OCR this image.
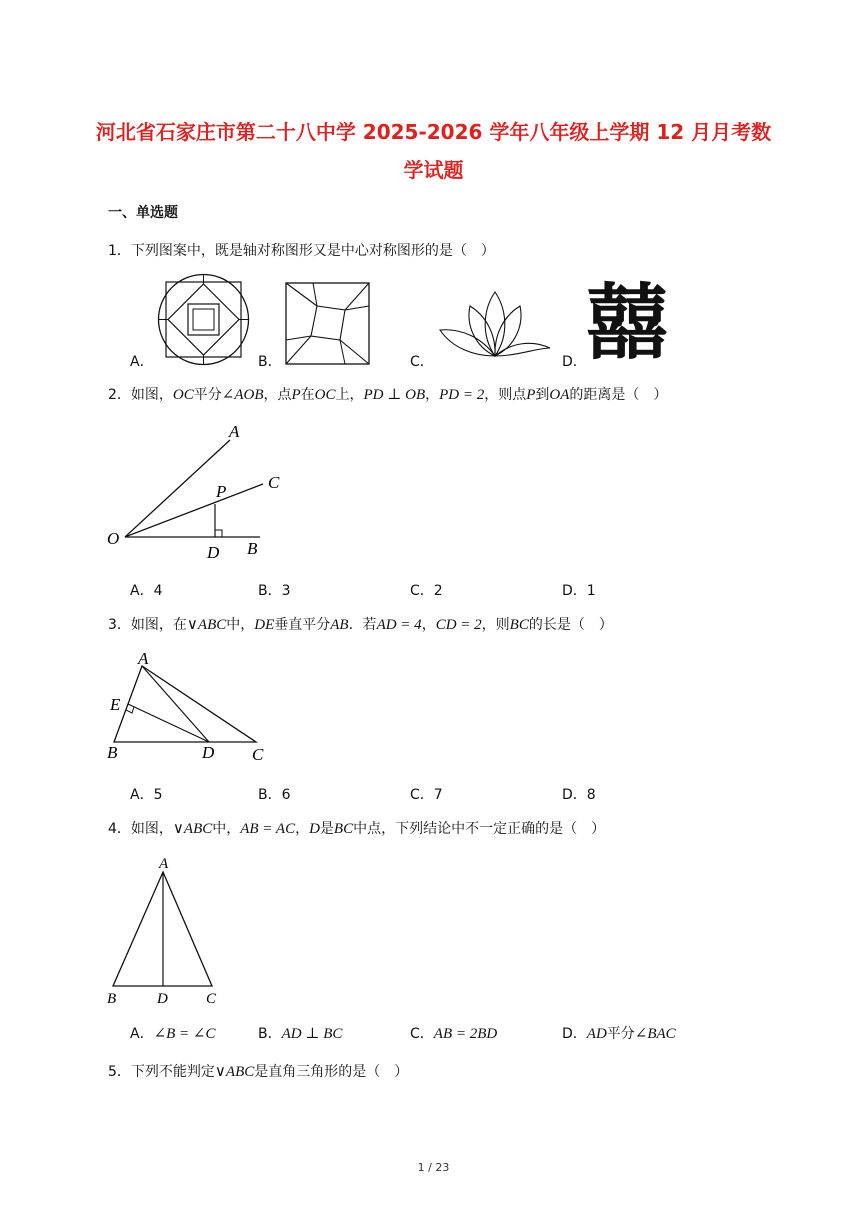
河北省石家庄市第二十八中学 2025-2026 学年八年级上学期 12 月月考数
学试题
一、单选题
1．下列图案中，既是轴对称图形又是中心对称图形的是（　）
A．	B．	C．	D． 囍
2．如图，OC平分∠AOB，点P在OC上，PD ⊥ OB，PD = 2，则点P到OA的距离是（　）
A
C
P
O
D B
A．4	B．3	C．2	D．1
3．如图，在∨ABC中，DE垂直平分AB．若AD = 4，CD = 2，则BC的长是（　）
A
E
B	D C
A．5	B．6	C．7	D．8
4．如图，∨ABC中，AB = AC，D是BC中点，下列结论中不一定正确的是（　）
A
B	D	C
A．∠B = ∠C	B．AD ⊥ BC	C．AB = 2BD	D．AD平分∠BAC
5．下列不能判定∨ABC是直角三角形的是（　）
1 / 23
